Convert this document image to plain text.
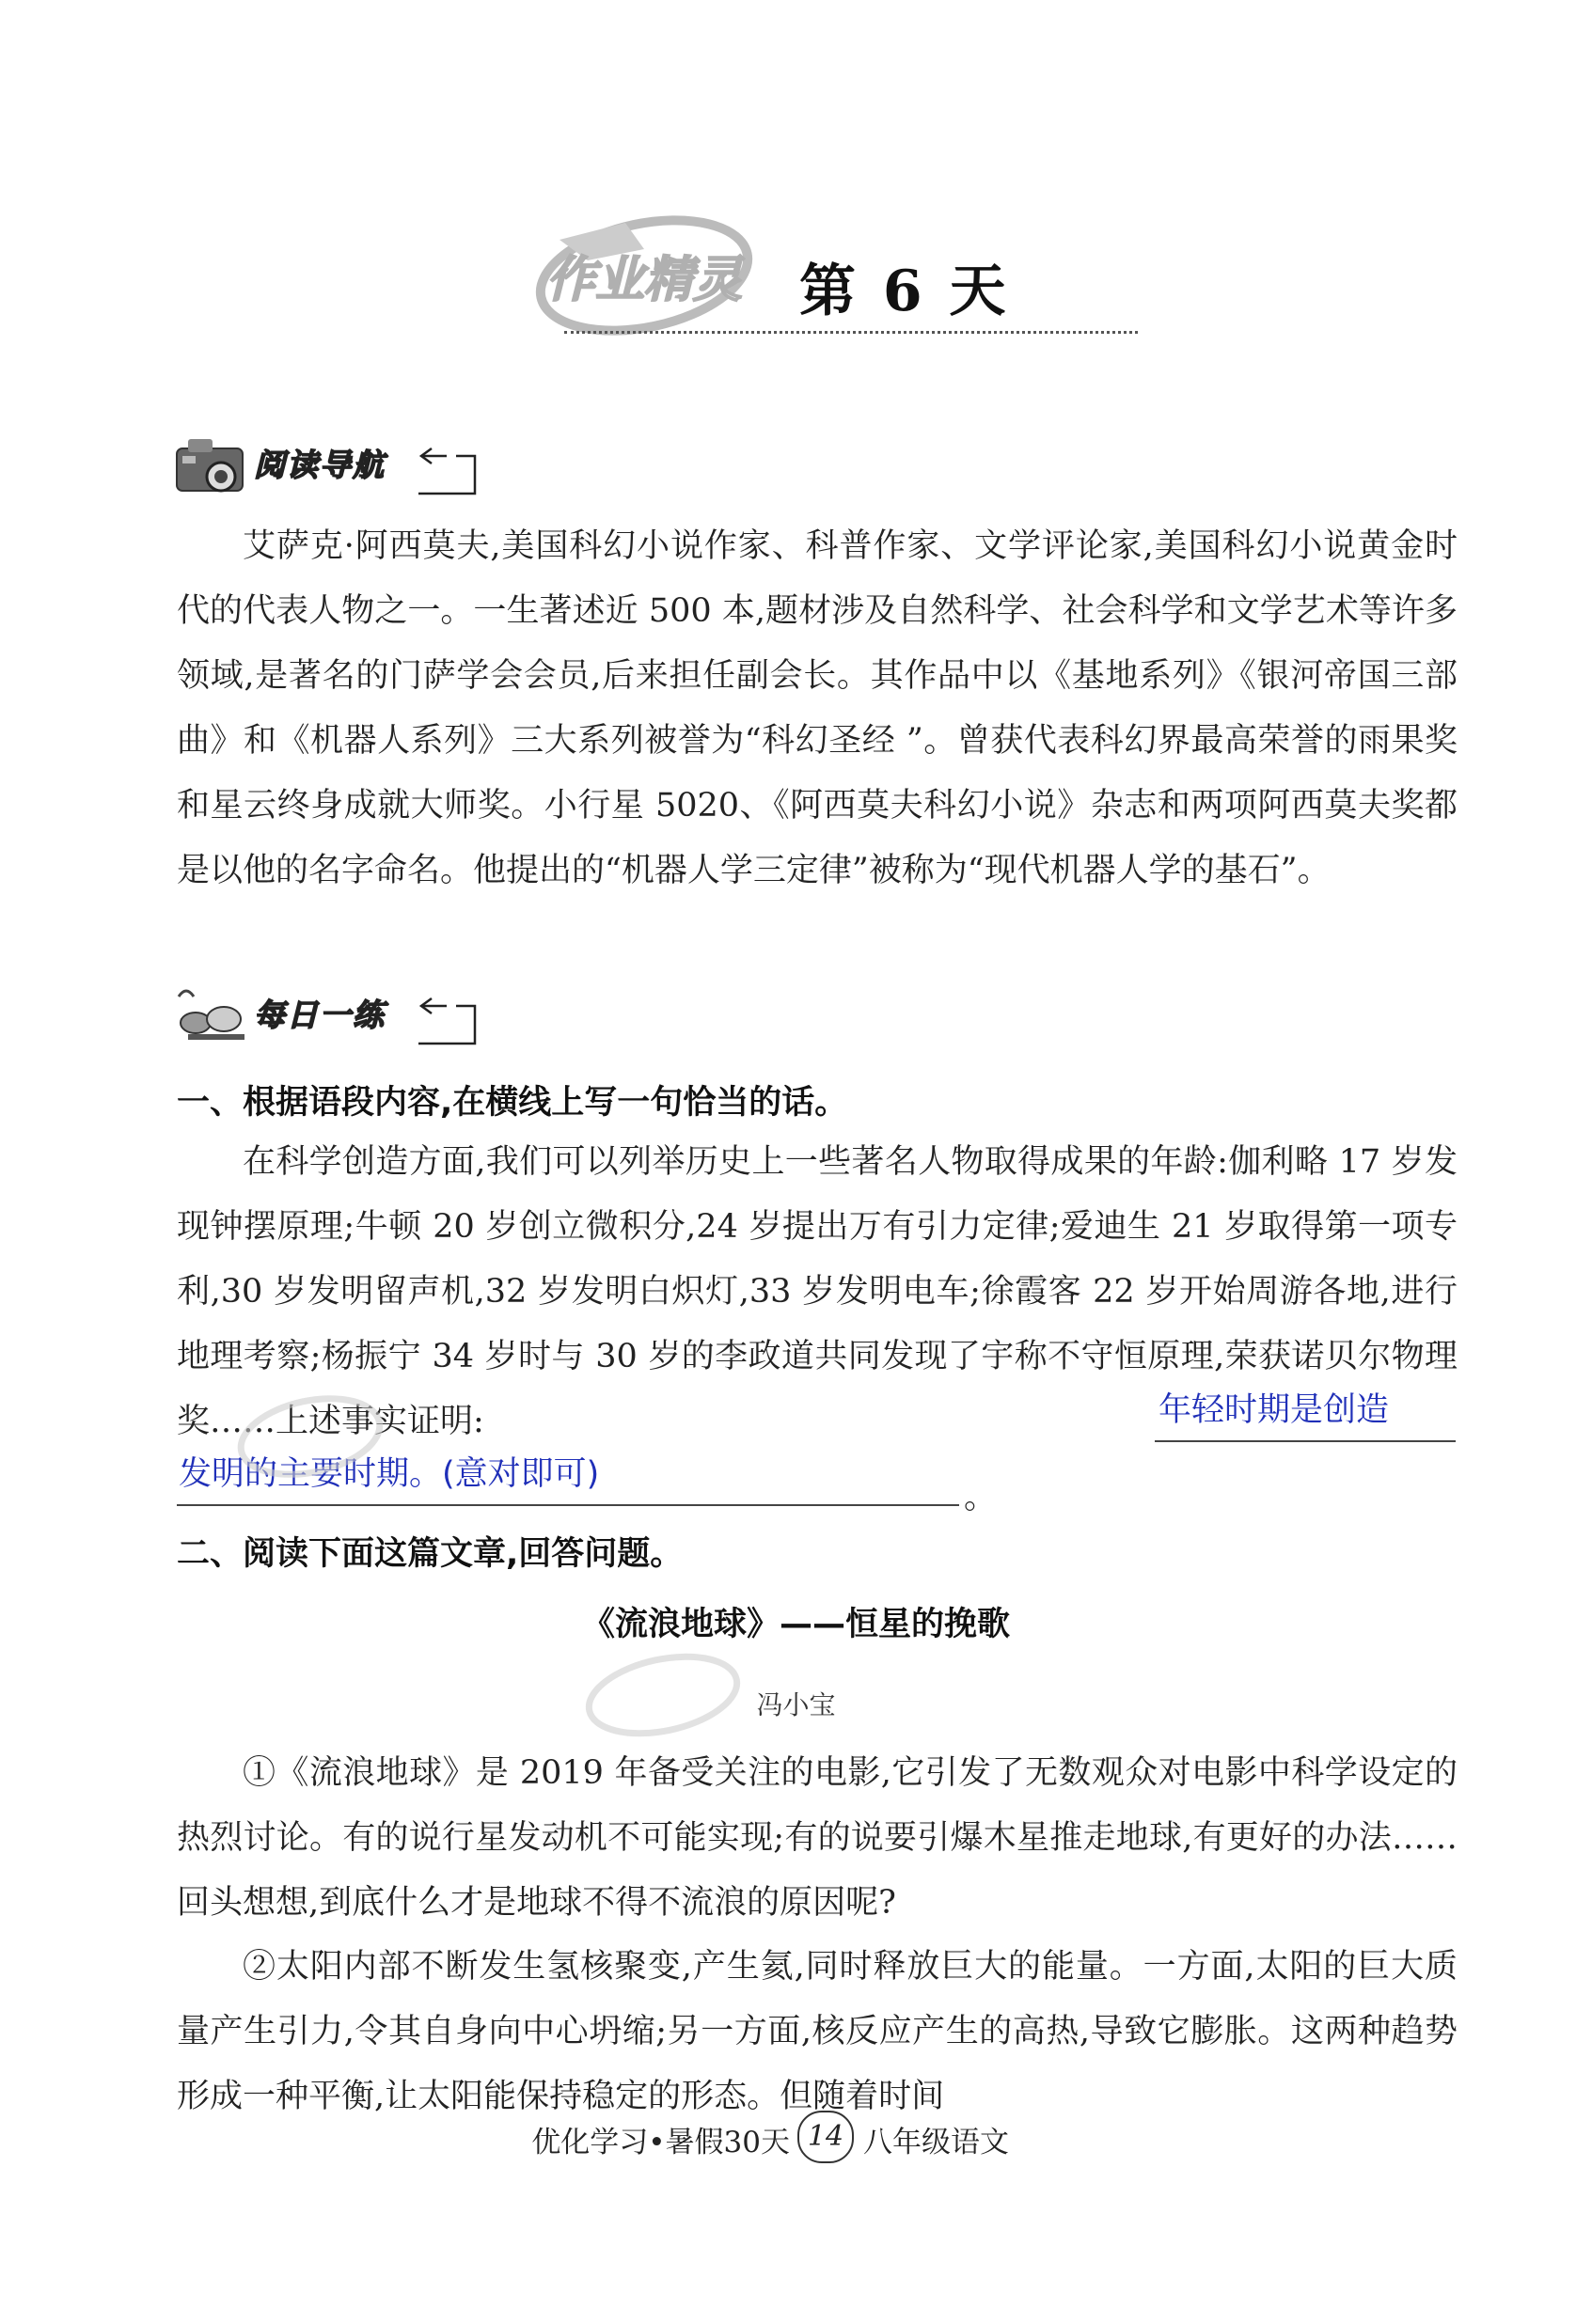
作业精灵 第 6 天
阅读导航
艾萨克·阿西莫夫,美国科幻小说作家、科普作家、文学评论家,美国科幻小说黄金时代的代表人物之一。一生著述近 500 本,题材涉及自然科学、社会科学和文学艺术等许多领域,是著名的门萨学会会员,后来担任副会长。其作品中以《基地系列》《银河帝国三部曲》和《机器人系列》三大系列被誉为“科幻圣经 ”。曾获代表科幻界最高荣誉的雨果奖和星云终身成就大师奖。小行星 5020、《阿西莫夫科幻小说》杂志和两项阿西莫夫奖都是以他的名字命名。他提出的“机器人学三定律”被称为“现代机器人学的基石”。
每日一练
一、根据语段内容,在横线上写一句恰当的话。
在科学创造方面,我们可以列举历史上一些著名人物取得成果的年龄:伽利略 17 岁发现钟摆原理;牛顿 20 岁创立微积分,24 岁提出万有引力定律;爱迪生 21 岁取得第一项专利,30 岁发明留声机,32 岁发明白炽灯,33 岁发明电车;徐霞客 22 岁开始周游各地,进行地理考察;杨振宁 34 岁时与 30 岁的李政道共同发现了宇称不守恒原理,荣获诺贝尔物理奖……上述事实证明:	年轻时期是创造
发明的主要时期。(意对即可)
。
二、阅读下面这篇文章,回答问题。
《流浪地球》——恒星的挽歌
冯小宝
①《流浪地球》是 2019 年备受关注的电影,它引发了无数观众对电影中科学设定的热烈讨论。有的说行星发动机不可能实现;有的说要引爆木星推走地球,有更好的办法……回头想想,到底什么才是地球不得不流浪的原因呢?
②太阳内部不断发生氢核聚变,产生氦,同时释放巨大的能量。一方面,太阳的巨大质量产生引力,令其自身向中心坍缩;另一方面,核反应产生的高热,导致它膨胀。这两种趋势形成一种平衡,让太阳能保持稳定的形态。但随着时间
优化学习•暑假30天 14 八年级语文
